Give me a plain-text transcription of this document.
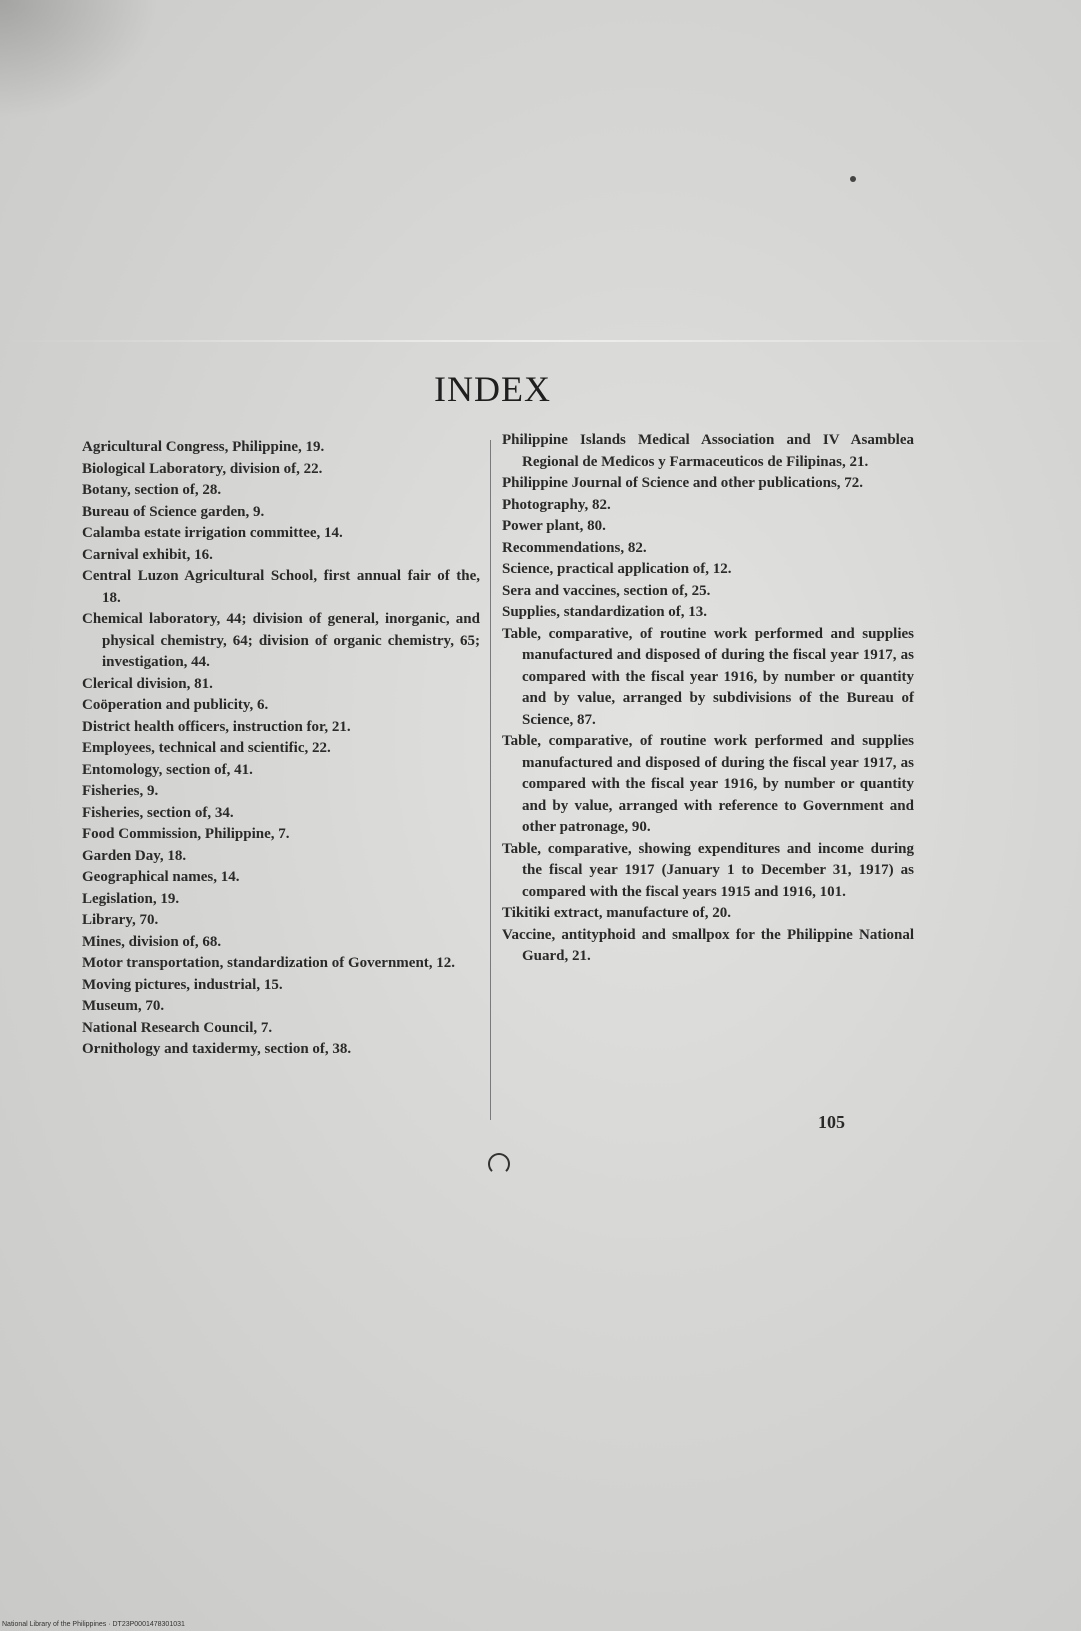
INDEX

Agricultural Congress, Philippine, 19.

Biological Laboratory, division of, 22.

Botany, section of, 28.

Bureau of Science garden, 9.

Calamba estate irrigation committee, 14.

Carnival exhibit, 16.

Central Luzon Agricultural School, first annual fair of the, 18.

Chemical laboratory, 44; division of general, inorganic, and physical chemistry, 64; division of organic chemistry, 65; investigation, 44.

Clerical division, 81.

Coöperation and publicity, 6.

District health officers, instruction for, 21.

Employees, technical and scientific, 22.

Entomology, section of, 41.

Fisheries, 9.

Fisheries, section of, 34.

Food Commission, Philippine, 7.

Garden Day, 18.

Geographical names, 14.

Legislation, 19.

Library, 70.

Mines, division of, 68.

Motor transportation, standardization of Government, 12.

Moving pictures, industrial, 15.

Museum, 70.

National Research Council, 7.

Ornithology and taxidermy, section of, 38.

Philippine Islands Medical Association and IV Asamblea Regional de Medicos y Farmaceuticos de Filipinas, 21.

Philippine Journal of Science and other publications, 72.

Photography, 82.

Power plant, 80.

Recommendations, 82.

Science, practical application of, 12.

Sera and vaccines, section of, 25.

Supplies, standardization of, 13.

Table, comparative, of routine work performed and supplies manufactured and disposed of during the fiscal year 1917, as compared with the fiscal year 1916, by number or quantity and by value, arranged by subdivisions of the Bureau of Science, 87.

Table, comparative, of routine work performed and supplies manufactured and disposed of during the fiscal year 1917, as compared with the fiscal year 1916, by number or quantity and by value, arranged with reference to Government and other patronage, 90.

Table, comparative, showing expenditures and income during the fiscal year 1917 (January 1 to December 31, 1917) as compared with the fiscal years 1915 and 1916, 101.

Tikitiki extract, manufacture of, 20.

Vaccine, antityphoid and smallpox for the Philippine National Guard, 21.

105
National Library of the Philippines · DT23P0001478301031
